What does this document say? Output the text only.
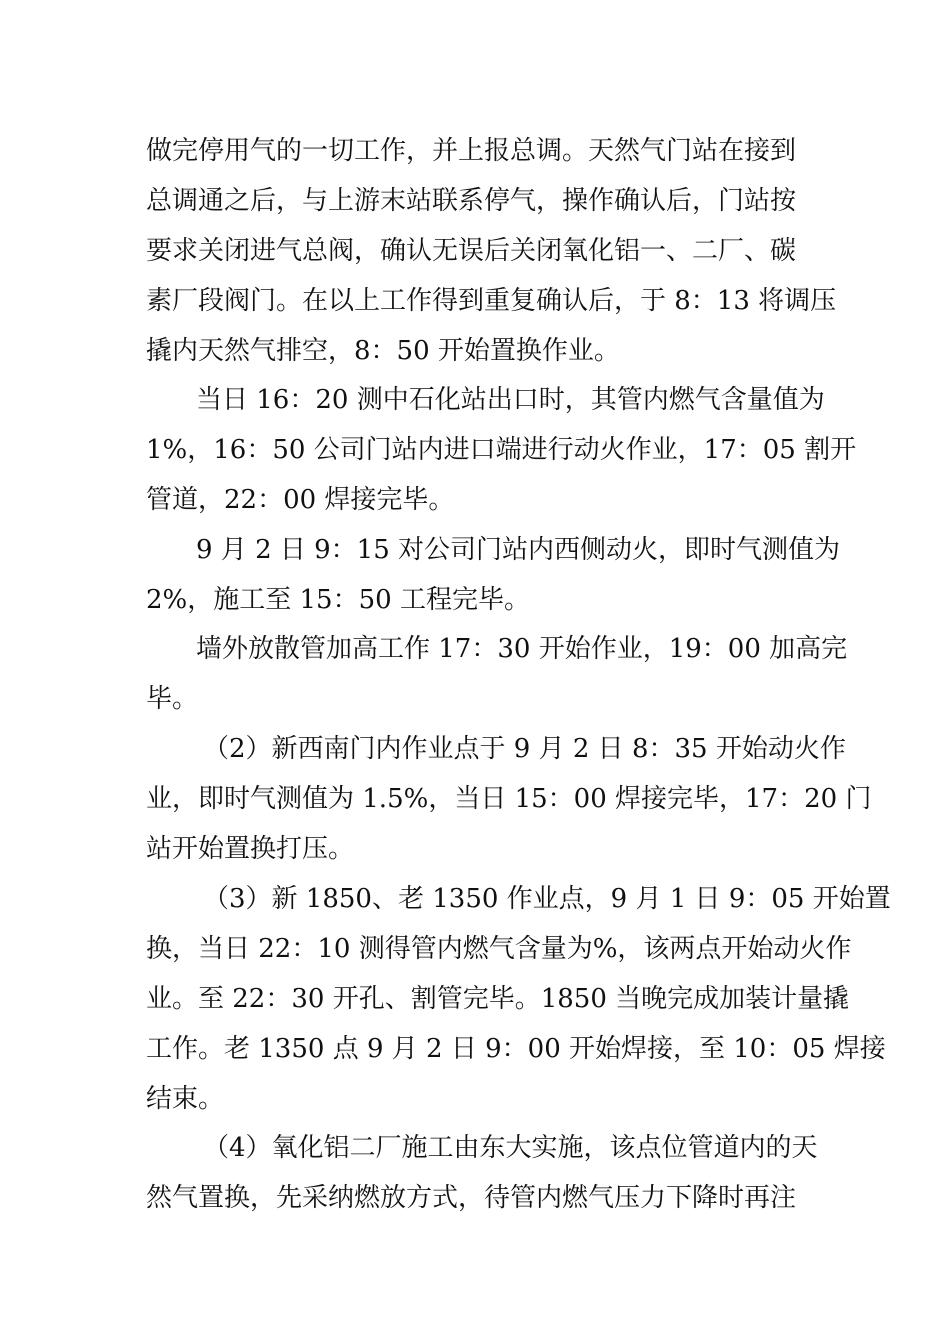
做完停用气的一切工作，并上报总调。天然气门站在接到
总调通之后，与上游末站联系停气，操作确认后，门站按
要求关闭进气总阀，确认无误后关闭氧化铝一、二厂、碳
素厂段阀门。在以上工作得到重复确认后，于 8：13 将调压
撬内天然气排空，8：50 开始置换作业。
当日 16：20 测中石化站出口时，其管内燃气含量值为
1%，16：50 公司门站内进口端进行动火作业，17：05 割开
管道，22：00 焊接完毕。
9 月 2 日 9：15 对公司门站内西侧动火，即时气测值为
2%，施工至 15：50 工程完毕。
墙外放散管加高工作 17：30 开始作业，19：00 加高完
毕。
（2）新西南门内作业点于 9 月 2 日 8：35 开始动火作
业，即时气测值为 1.5%，当日 15：00 焊接完毕，17：20 门
站开始置换打压。
（3）新 1850、老 1350 作业点，9 月 1 日 9：05 开始置
换，当日 22：10 测得管内燃气含量为%，该两点开始动火作
业。至 22：30 开孔、割管完毕。1850 当晚完成加装计量撬
工作。老 1350 点 9 月 2 日 9：00 开始焊接，至 10：05 焊接
结束。
（4）氧化铝二厂施工由东大实施，该点位管道内的天
然气置换，先采纳燃放方式，待管内燃气压力下降时再注
